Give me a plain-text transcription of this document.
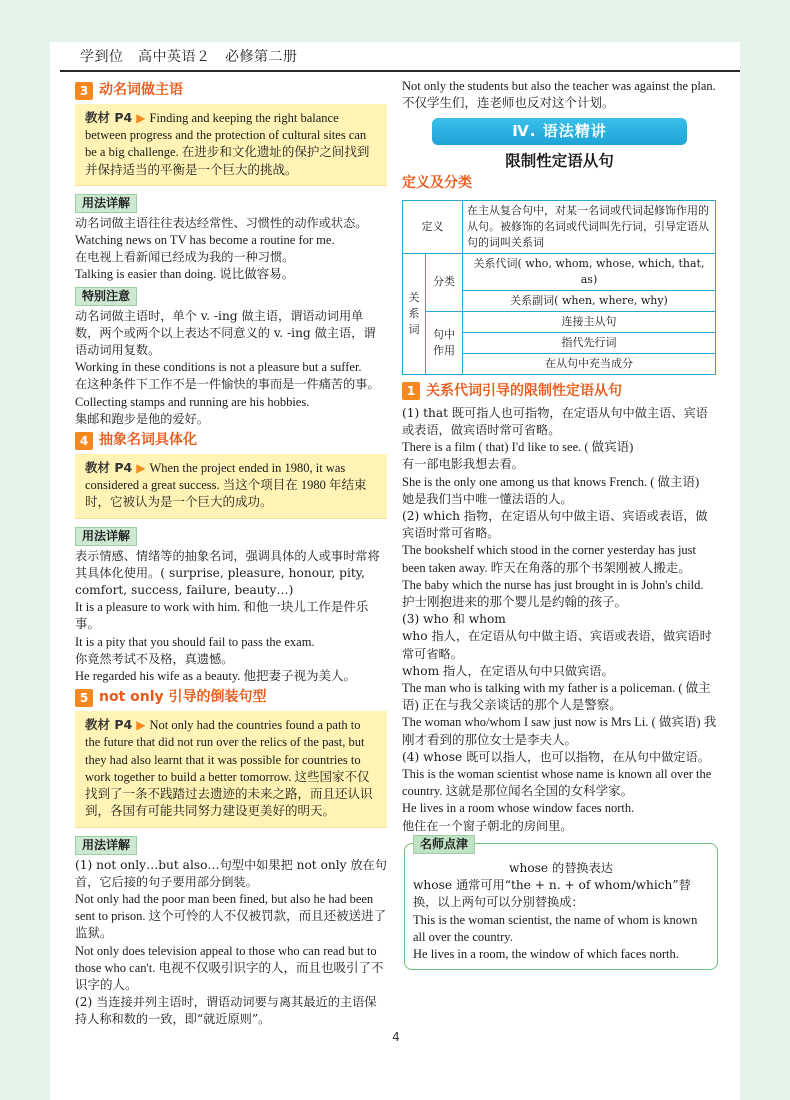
学到位　高中英语２　必修第二册
3 动名词做主语
教材 P4 ▶ Finding and keeping the right balance between progress and the protection of cultural sites can be a big challenge. 在进步和文化遗址的保护之间找到并保持适当的平衡是一个巨大的挑战。
用法详解

动名词做主语往往表达经常性、习惯性的动作或状态。

Watching news on TV has become a routine for me.

在电视上看新闻已经成为我的一种习惯。

Talking is easier than doing. 说比做容易。

特别注意

动名词做主语时，单个 v. -ing 做主语，谓语动词用单数，两个或两个以上表达不同意义的 v. -ing 做主语，谓语动词用复数。

Working in these conditions is not a pleasure but a suffer.

在这种条件下工作不是一件愉快的事而是一件痛苦的事。

Collecting stamps and running are his hobbies.

集邮和跑步是他的爱好。

4 抽象名词具体化
教材 P4 ▶ When the project ended in 1980, it was considered a great success. 当这个项目在 1980 年结束时，它被认为是一个巨大的成功。
用法详解

表示情感、情绪等的抽象名词，强调具体的人或事时常将其具体化使用。( surprise, pleasure, honour, pity, comfort, success, failure, beauty…)

It is a pleasure to work with him. 和他一块儿工作是件乐事。

It is a pity that you should fail to pass the exam.

你竟然考试不及格，真遗憾。

He regarded his wife as a beauty. 他把妻子视为美人。

5 not only 引导的倒装句型
教材 P4 ▶ Not only had the countries found a path to the future that did not run over the relics of the past, but they had also learnt that it was possible for countries to work together to build a better tomorrow. 这些国家不仅找到了一条不践踏过去遗迹的未来之路，而且还认识到，各国有可能共同努力建设更美好的明天。
用法详解

(1) not only…but also…句型中如果把 not only 放在句首，它后接的句子要用部分倒装。

Not only had the poor man been fined, but also he had been sent to prison. 这个可怜的人不仅被罚款，而且还被送进了监狱。

Not only does television appeal to those who can read but to those who can't. 电视不仅吸引识字的人，而且也吸引了不识字的人。

(2) 当连接并列主语时，谓语动词要与离其最近的主语保持人称和数的一致，即“就近原则”。

Not only the students but also the teacher was against the plan. 不仅学生们，连老师也反对这个计划。

Ⅳ. 语法精讲
限制性定语从句
定义及分类
定义		在主从复合句中，对某一名词或代词起修饰作用的从句。被修饰的名词或代词叫先行词，引导定语从句的词叫关系词
关系词	分类	关系代词( who, whom, whose, which, that, as)
		关系副词( when, where, why)
	句中作用	连接主从句
		指代先行词
		在从句中充当成分
1 关系代词引导的限制性定语从句

(1) that 既可指人也可指物，在定语从句中做主语、宾语或表语，做宾语时常可省略。

There is a film ( that) I'd like to see. ( 做宾语)

有一部电影我想去看。

She is the only one among us that knows French. ( 做主语)

她是我们当中唯一懂法语的人。

(2) which 指物，在定语从句中做主语、宾语或表语，做宾语时常可省略。

The bookshelf which stood in the corner yesterday has just been taken away. 昨天在角落的那个书架刚被人搬走。

The baby which the nurse has just brought in is John's child. 护士刚抱进来的那个婴儿是约翰的孩子。

(3) who 和 whom

who 指人，在定语从句中做主语、宾语或表语，做宾语时常可省略。

whom 指人，在定语从句中只做宾语。

The man who is talking with my father is a policeman. ( 做主语) 正在与我父亲谈话的那个人是警察。

The woman who/whom I saw just now is Mrs Li. ( 做宾语) 我刚才看到的那位女士是李夫人。

(4) whose 既可以指人，也可以指物，在从句中做定语。

This is the woman scientist whose name is known all over the country. 这就是那位闻名全国的女科学家。

He lives in a room whose window faces north.

他住在一个窗子朝北的房间里。

名师点津

whose 的替换表达

whose 通常可用“the + n. + of whom/which”替换，以上两句可以分别替换成：

This is the woman scientist, the name of whom is known all over the country.

He lives in a room, the window of which faces north.

4
